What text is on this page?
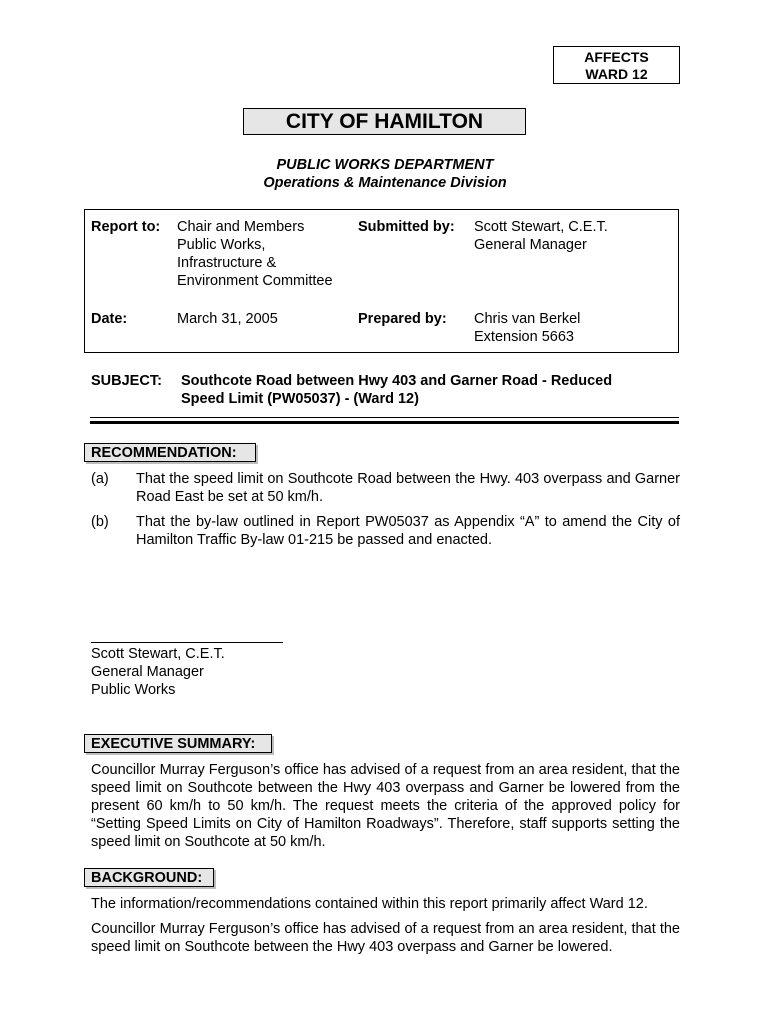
AFFECTS
WARD 12
CITY OF HAMILTON
PUBLIC WORKS DEPARTMENT
Operations & Maintenance Division
Report to: Chair and Members
Public Works,
Infrastructure &
Environment Committee
Submitted by: Scott Stewart, C.E.T.
General Manager
Date:	March 31, 2005	Prepared by: Chris van Berkel
Extension 5663
SUBJECT: Southcote Road between Hwy 403 and Garner Road - Reduced
Speed Limit (PW05037) - (Ward 12)
RECOMMENDATION:
(a) That the speed limit on Southcote Road between the Hwy. 403 overpass and Garner Road East be set at 50 km/h.
(b) That the by-law outlined in Report PW05037 as Appendix “A” to amend the City of Hamilton Traffic By-law 01-215 be passed and enacted.
Scott Stewart, C.E.T.
General Manager
Public Works
EXECUTIVE SUMMARY:
Councillor Murray Ferguson’s office has advised of a request from an area resident, that the speed limit on Southcote between the Hwy 403 overpass and Garner be lowered from the present 60 km/h to 50 km/h. The request meets the criteria of the approved policy for “Setting Speed Limits on City of Hamilton Roadways”. Therefore, staff supports setting the speed limit on Southcote at 50 km/h.
BACKGROUND:
The information/recommendations contained within this report primarily affect Ward 12.
Councillor Murray Ferguson’s office has advised of a request from an area resident, that the speed limit on Southcote between the Hwy 403 overpass and Garner be lowered.
